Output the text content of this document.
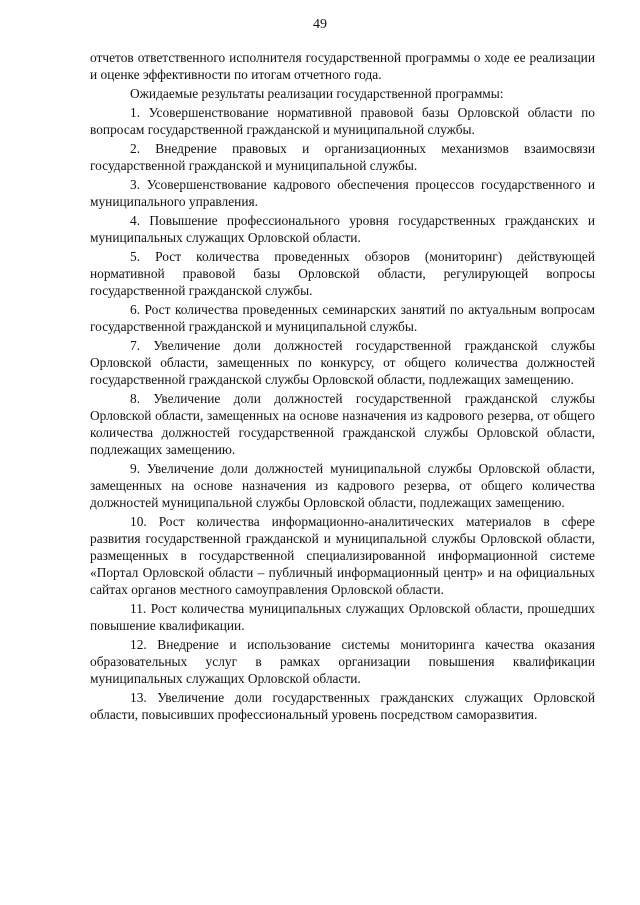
49

отчетов ответственного исполнителя государственной программы о ходе ее реализации и оценке эффективности по итогам отчетного года.

Ожидаемые результаты реализации государственной программы:

1. Усовершенствование нормативной правовой базы Орловской области по вопросам государственной гражданской и муниципальной службы.

2. Внедрение правовых и организационных механизмов взаимосвязи государственной гражданской и муниципальной службы.

3. Усовершенствование кадрового обеспечения процессов государственного и муниципального управления.

4. Повышение профессионального уровня государственных гражданских и муниципальных служащих Орловской области.

5. Рост количества проведенных обзоров (мониторинг) действующей нормативной правовой базы Орловской области, регулирующей вопросы государственной гражданской службы.

6. Рост количества проведенных семинарских занятий по актуальным вопросам государственной гражданской и муниципальной службы.

7. Увеличение доли должностей государственной гражданской службы Орловской области, замещенных по конкурсу, от общего количества должностей государственной гражданской службы Орловской области, подлежащих замещению.

8. Увеличение доли должностей государственной гражданской службы Орловской области, замещенных на основе назначения из кадрового резерва, от общего количества должностей государственной гражданской службы Орловской области, подлежащих замещению.

9. Увеличение доли должностей муниципальной службы Орловской области, замещенных на основе назначения из кадрового резерва, от общего количества должностей муниципальной службы Орловской области, подлежащих замещению.

10. Рост количества информационно-аналитических материалов в сфере развития государственной гражданской и муниципальной службы Орловской области, размещенных в государственной специализированной информационной системе «Портал Орловской области – публичный информационный центр» и на официальных сайтах органов местного самоуправления Орловской области.

11. Рост количества муниципальных служащих Орловской области, прошедших повышение квалификации.

12. Внедрение и использование системы мониторинга качества оказания образовательных услуг в рамках организации повышения квалификации муниципальных служащих Орловской области.

13. Увеличение доли государственных гражданских служащих Орловской области, повысивших профессиональный уровень посредством саморазвития.
